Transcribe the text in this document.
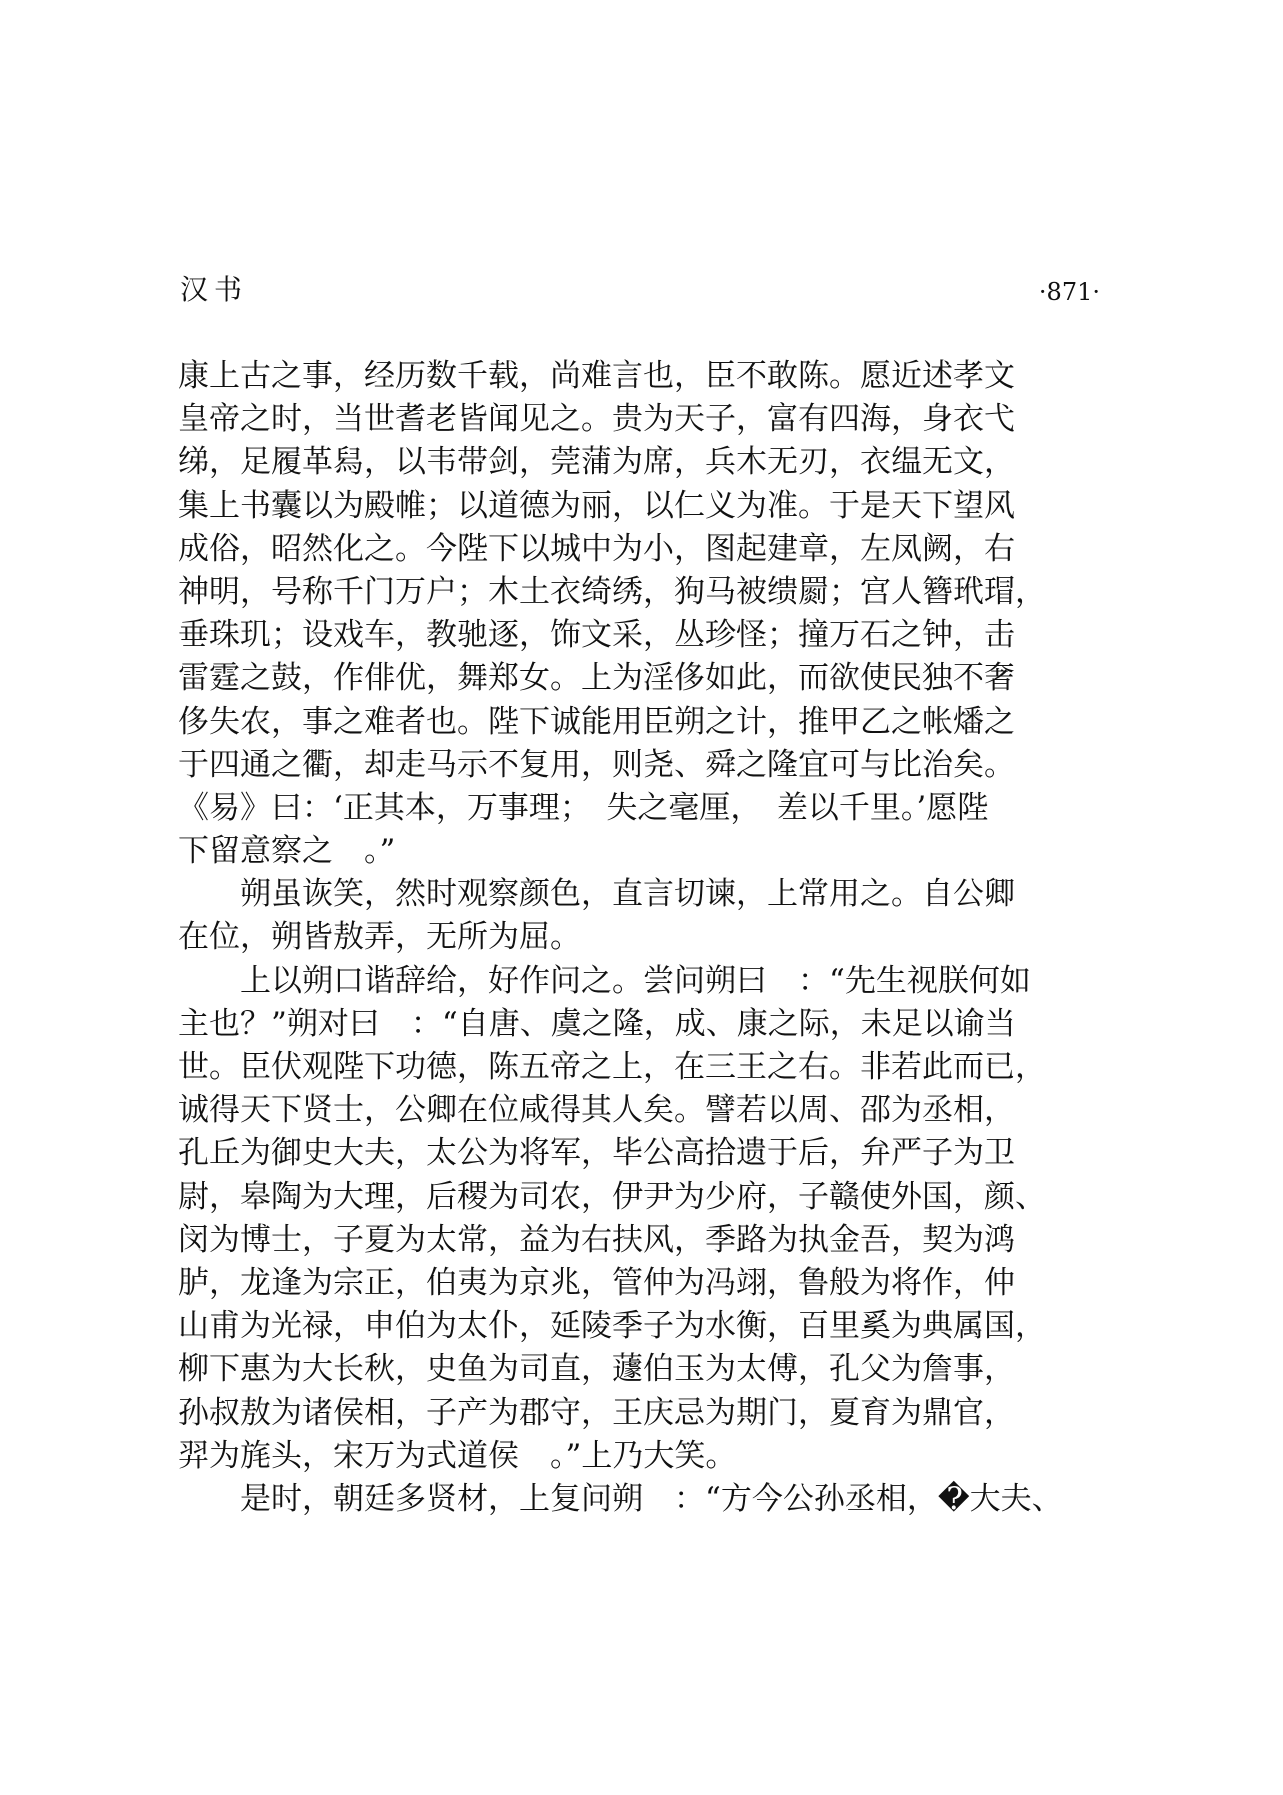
汉书	·871·
康上古之事，经历数千载，尚难言也，臣不敢陈。愿近述孝文
皇帝之时，当世耆老皆闻见之。贵为天子，富有四海，身衣弋
绨，足履革舄，以韦带剑，莞蒲为席，兵木无刃，衣缊无文，
集上书囊以为殿帷；以道德为丽，以仁义为准。于是天下望风
成俗，昭然化之。今陛下以城中为小，图起建章，左凤阙，右
神明，号称千门万户；木土衣绮绣，狗马被缋罽；宫人簪玳瑁，
垂珠玑；设戏车，教驰逐，饰文采，丛珍怪；撞万石之钟，击
雷霆之鼓，作俳优，舞郑女。上为淫侈如此，而欲使民独不奢
侈失农，事之难者也。陛下诚能用臣朔之计，推甲乙之帐燔之
于四通之衢，却走马示不复用，则尧、舜之隆宜可与比治矣。
《易》曰：‘正其本，万事理；　失之毫厘，　差以千里。’愿陛
下留意察之　。”
　　朔虽诙笑，然时观察颜色，直言切谏，上常用之。自公卿
在位，朔皆敖弄，无所为屈。
　　上以朔口谐辞给，好作问之。尝问朔曰　：“先生视朕何如
主也？”朔对曰　：“自唐、虞之隆，成、康之际，未足以谕当
世。臣伏观陛下功德，陈五帝之上，在三王之右。非若此而已，
诚得天下贤士，公卿在位咸得其人矣。譬若以周、邵为丞相，
孔丘为御史大夫，太公为将军，毕公高拾遗于后，弁严子为卫
尉，皋陶为大理，后稷为司农，伊尹为少府，子赣使外国，颜、
闵为博士，子夏为太常，益为右扶风，季路为执金吾，契为鸿
胪，龙逢为宗正，伯夷为京兆，管仲为冯翊，鲁般为将作，仲
山甫为光禄，申伯为太仆，延陵季子为水衡，百里奚为典属国，
柳下惠为大长秋，史鱼为司直，蘧伯玉为太傅，孔父为詹事，
孙叔敖为诸侯相，子产为郡守，王庆忌为期门，夏育为鼎官，
羿为旄头，宋万为式道侯　。”上乃大笑。
　　是时，朝廷多贤材，上复问朔　：“方今公孙丞相，�大夫、
